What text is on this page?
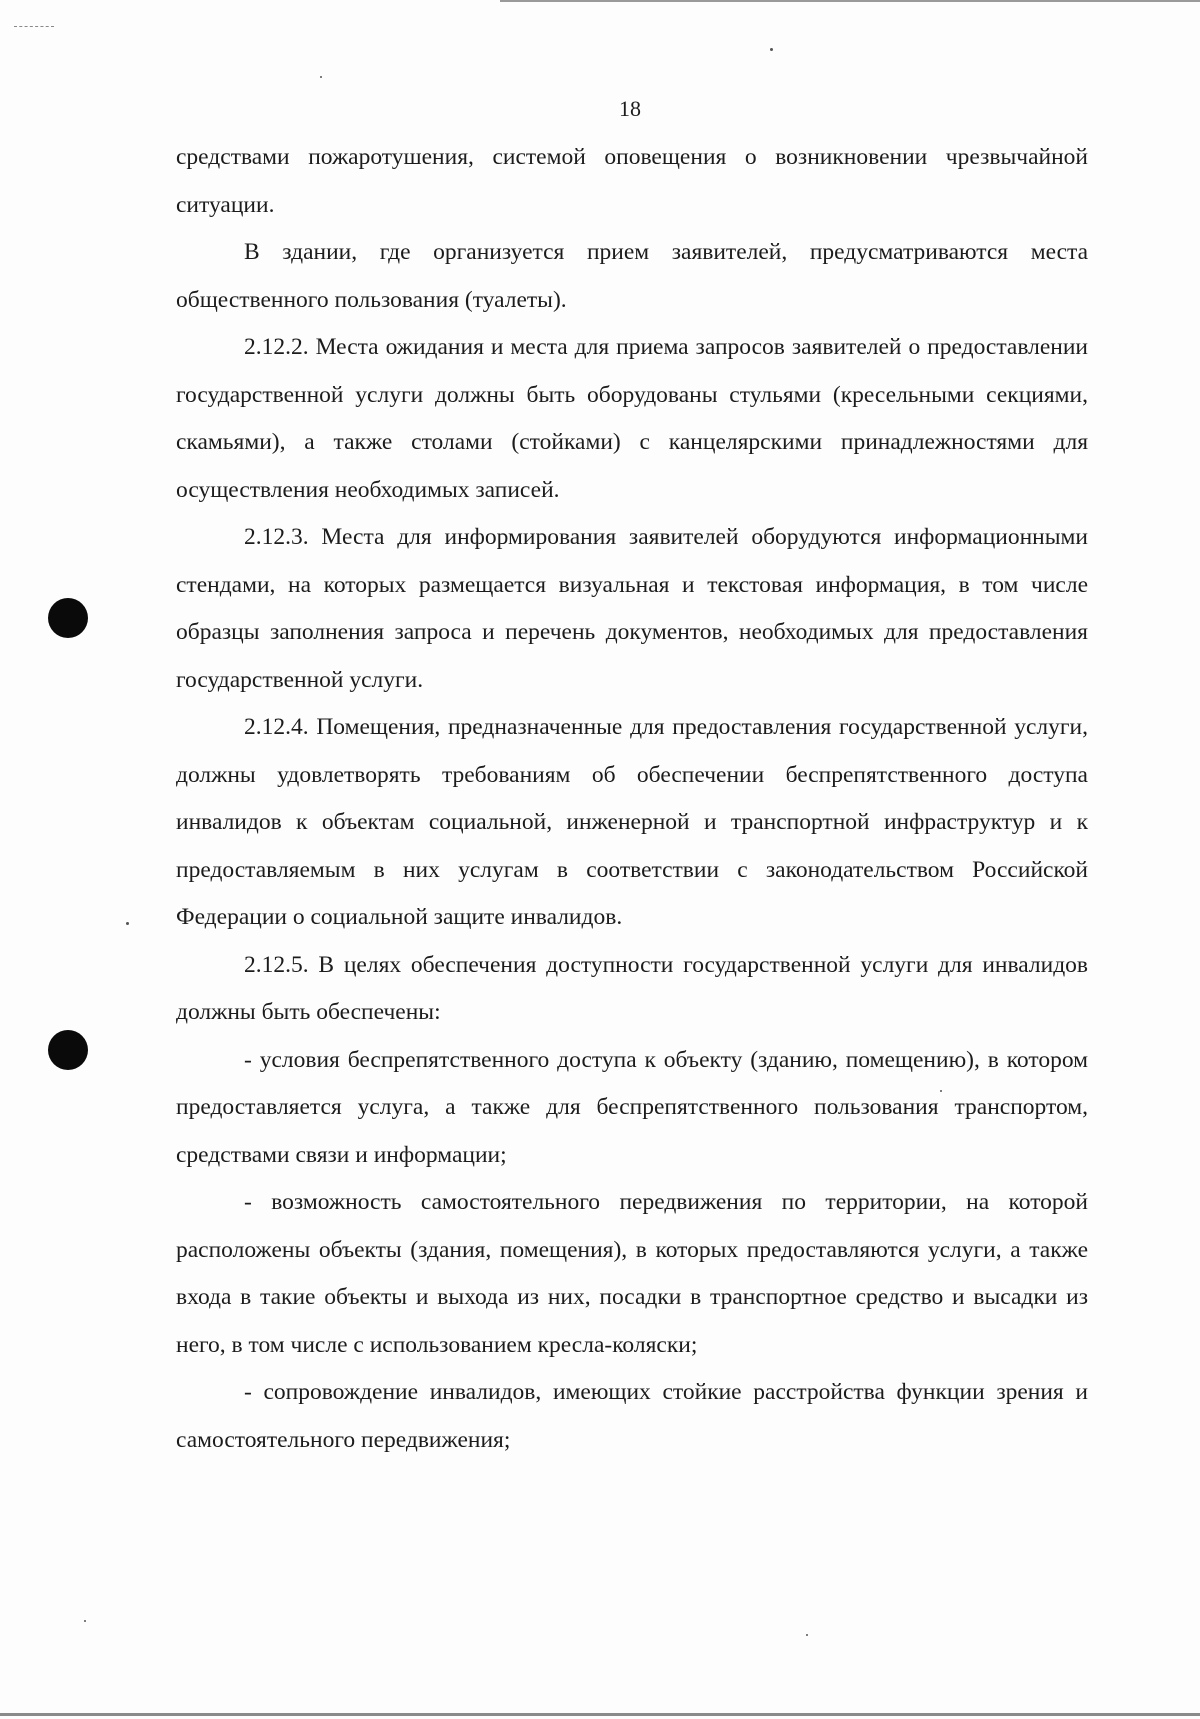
18

средствами пожаротушения, системой оповещения о возникновении чрезвычайной ситуации.

В здании, где организуется прием заявителей, предусматриваются места общественного пользования (туалеты).

2.12.2. Места ожидания и места для приема запросов заявителей о предоставлении государственной услуги должны быть оборудованы стульями (кресельными секциями, скамьями), а также столами (стойками) с канцелярскими принадлежностями для осуществления необходимых записей.

2.12.3. Места для информирования заявителей оборудуются информационными стендами, на которых размещается визуальная и текстовая информация, в том числе образцы заполнения запроса и перечень документов, необходимых для предоставления государственной услуги.

2.12.4. Помещения, предназначенные для предоставления государственной услуги, должны удовлетворять требованиям об обеспечении беспрепятственного доступа инвалидов к объектам социальной, инженерной и транспортной инфраструктур и к предоставляемым в них услугам в соответствии с законодательством Российской Федерации о социальной защите инвалидов.

2.12.5. В целях обеспечения доступности государственной услуги для инвалидов должны быть обеспечены:

- условия беспрепятственного доступа к объекту (зданию, помещению), в котором предоставляется услуга, а также для беспрепятственного пользования транспортом, средствами связи и информации;

- возможность самостоятельного передвижения по территории, на которой расположены объекты (здания, помещения), в которых предоставляются услуги, а также входа в такие объекты и выхода из них, посадки в транспортное средство и высадки из него, в том числе с использованием кресла-коляски;

- сопровождение инвалидов, имеющих стойкие расстройства функции зрения и самостоятельного передвижения;
